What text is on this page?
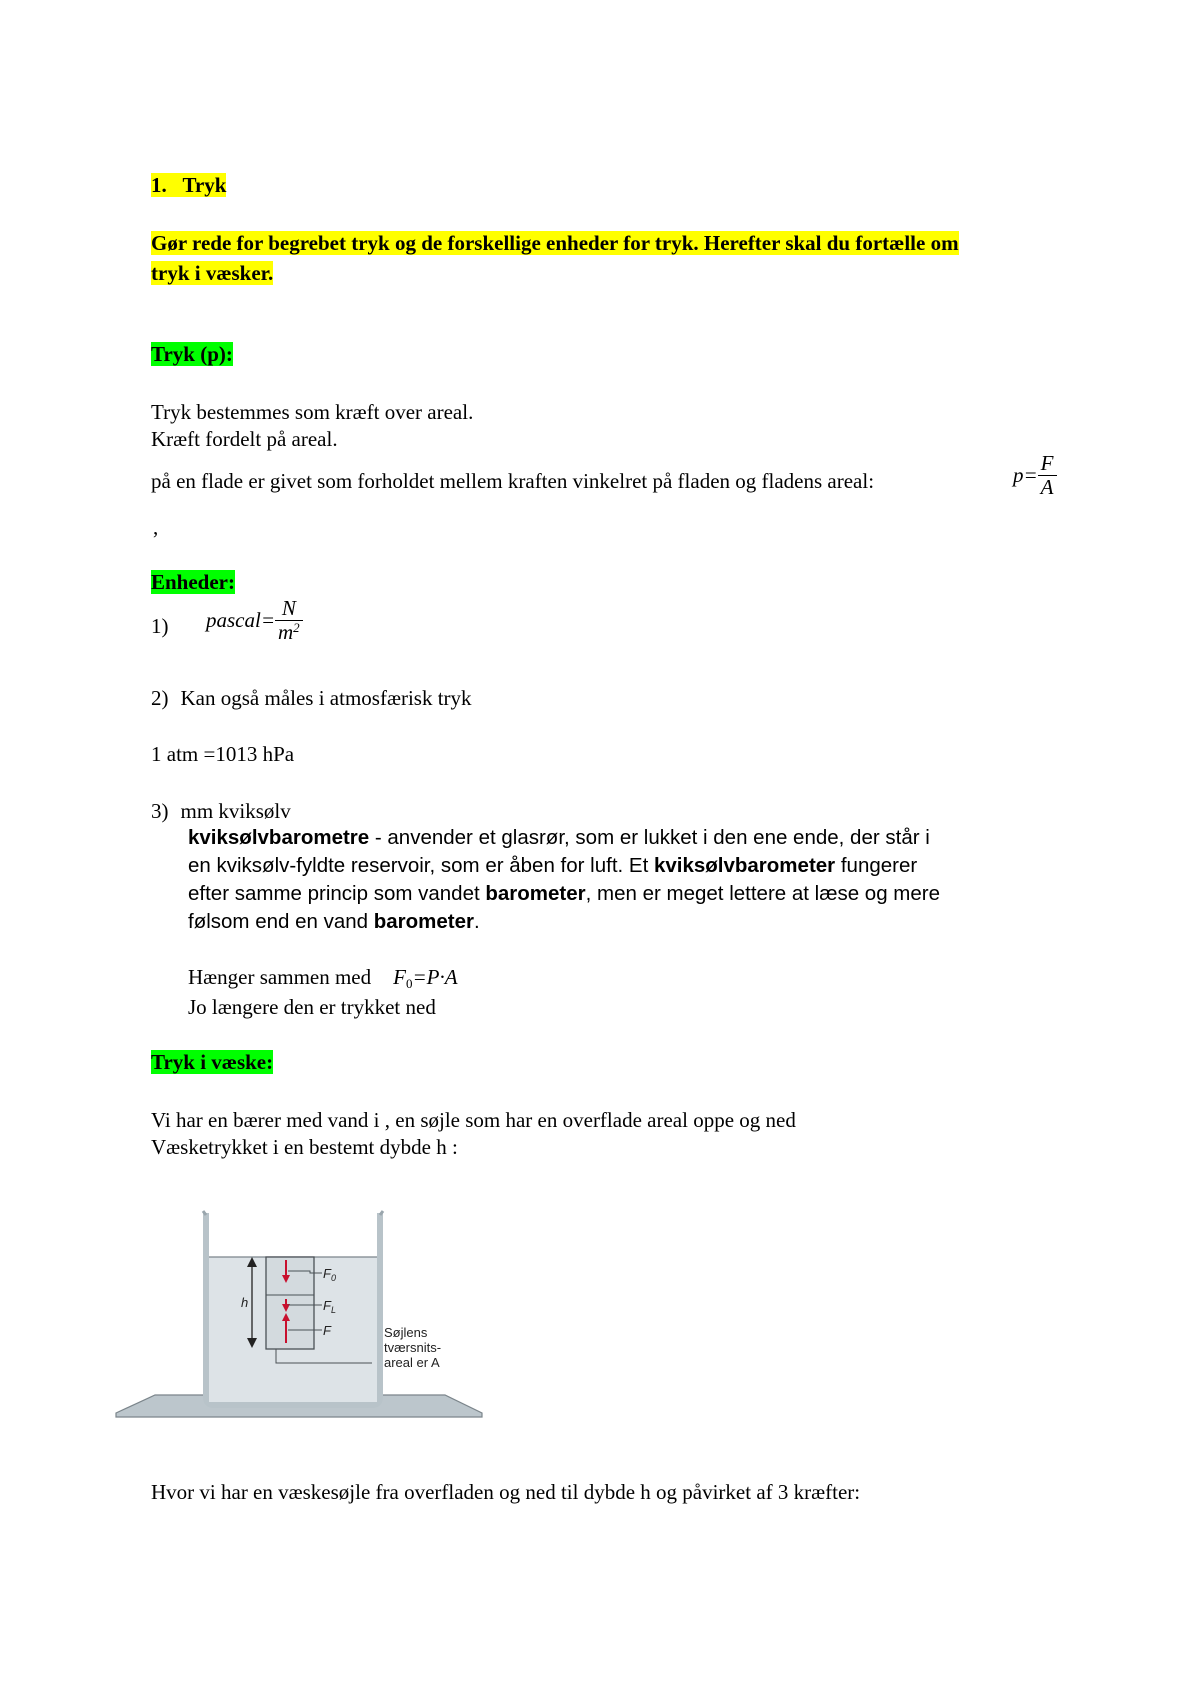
1. Tryk
Gør rede for begrebet tryk og de forskellige enheder for tryk. Herefter skal du fortælle om
tryk i væsker.
Tryk (p):
Tryk bestemmes som kræft over areal.
Kræft fordelt på areal.
på en flade er givet som forholdet mellem kraften vinkelret på fladen og fladens areal:	$p= \frac{F}{A}$
,
Enheder:
1) pascal= $\frac{N}{m^2}$
2) Kan også måles i atmosfærisk tryk
1 atm =1013 hPa
3) mm kviksølv
kviksølvbarometre - anvender et glasrør, som er lukket i den ene ende, der står i
en kviksølv-fyldte reservoir, som er åben for luft. Et kviksølvbarometer fungerer
efter samme princip som vandet barometer, men er meget lettere at læse og mere
følsom end en vand barometer.
Hænger sammen med $F_0=P\cdot A$
Jo længere den er trykket ned
Tryk i væske:
Vi har en bærer med vand i , en søjle som har en overflade areal oppe og ned
Væsketrykket i en bestemt dybde h :
h
$F_0$
$F_L$
F	Søjlens
tværsnits-
areal er A
Hvor vi har en væskesøjle fra overfladen og ned til dybde h og påvirket af 3 kræfter:
